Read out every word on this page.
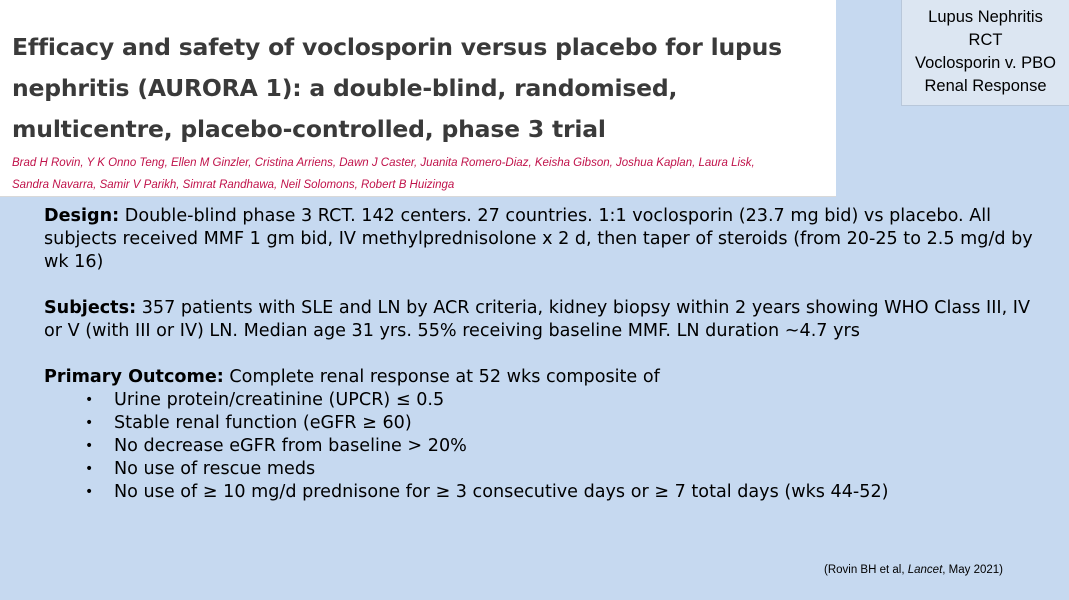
Efficacy and safety of voclosporin versus placebo for lupus
nephritis (AURORA 1): a double-blind, randomised,
multicentre, placebo-controlled, phase 3 trial

Brad H Rovin, Y K Onno Teng, Ellen M Ginzler, Cristina Arriens, Dawn J Caster, Juanita Romero-Diaz, Keisha Gibson, Joshua Kaplan, Laura Lisk,
Sandra Navarra, Samir V Parikh, Simrat Randhawa, Neil Solomons, Robert B Huizinga

Lupus Nephritis
RCT
Voclosporin v. PBO
Renal Response

Design: Double-blind phase 3 RCT. 142 centers. 27 countries. 1:1 voclosporin (23.7 mg bid) vs placebo. All subjects received MMF 1 gm bid, IV methylprednisolone x 2 d, then taper of steroids (from 20-25 to 2.5 mg/d by wk 16)

Subjects: 357 patients with SLE and LN by ACR criteria, kidney biopsy within 2 years showing WHO Class III, IV or V (with III or IV) LN. Median age 31 yrs. 55% receiving baseline MMF. LN duration ~4.7 yrs

Primary Outcome: Complete renal response at 52 wks composite of
• Urine protein/creatinine (UPCR) ≤ 0.5
• Stable renal function (eGFR ≥ 60)
• No decrease eGFR from baseline > 20%
• No use of rescue meds
• No use of ≥ 10 mg/d prednisone for ≥ 3 consecutive days or ≥ 7 total days (wks 44-52)
(Rovin BH et al, Lancet, May 2021)
